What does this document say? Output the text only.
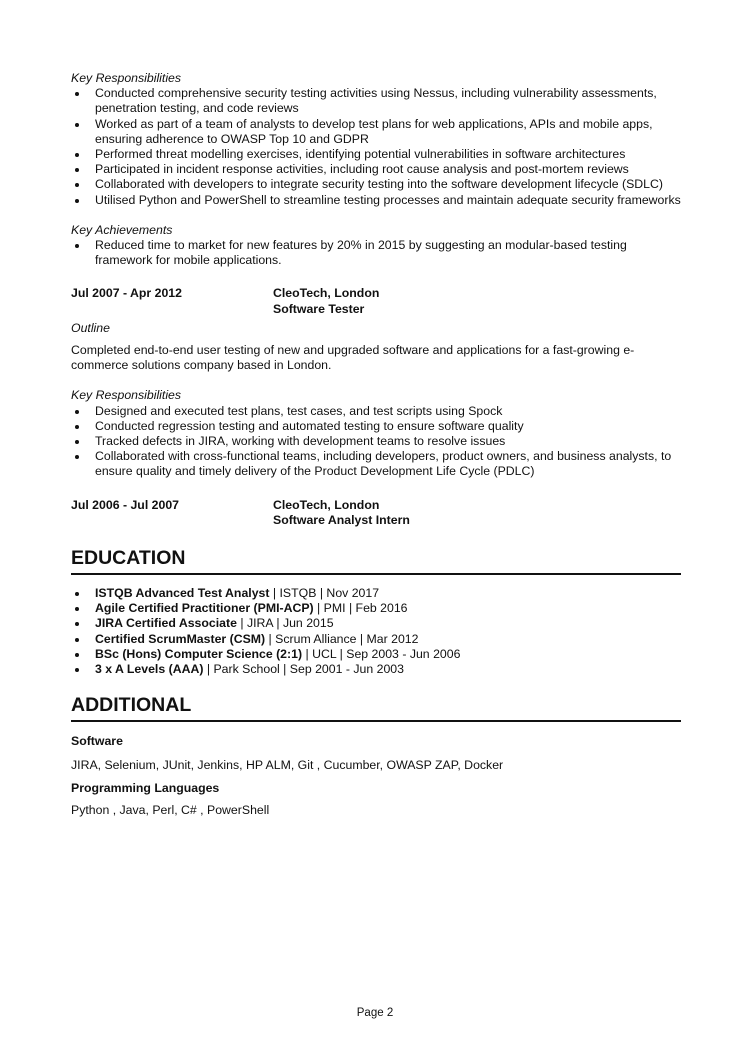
Key Responsibilities

Conducted comprehensive security testing activities using Nessus, including vulnerability assessments, penetration testing, and code reviews
Worked as part of a team of analysts to develop test plans for web applications, APIs and mobile apps, ensuring adherence to OWASP Top 10 and GDPR
Performed threat modelling exercises, identifying potential vulnerabilities in software architectures
Participated in incident response activities, including root cause analysis and post-mortem reviews
Collaborated with developers to integrate security testing into the software development lifecycle (SDLC)
Utilised Python and PowerShell to streamline testing processes and maintain adequate security frameworks

Key Achievements

Reduced time to market for new features by 20% in 2015 by suggesting an modular-based testing framework for mobile applications.
Jul 2007 - Apr 2012	CleoTech, London
Software Tester

Outline

Completed end-to-end user testing of new and upgraded software and applications for a fast-growing e-commerce solutions company based in London.

Key Responsibilities

Designed and executed test plans, test cases, and test scripts using Spock
Conducted regression testing and automated testing to ensure software quality
Tracked defects in JIRA, working with development teams to resolve issues
Collaborated with cross-functional teams, including developers, product owners, and business analysts, to ensure quality and timely delivery of the Product Development Life Cycle (PDLC)
Jul 2006 - Jul 2007	CleoTech, London
Software Analyst Intern
EDUCATION
ISTQB Advanced Test Analyst | ISTQB | Nov 2017
Agile Certified Practitioner (PMI-ACP) | PMI | Feb 2016
JIRA Certified Associate | JIRA | Jun 2015
Certified ScrumMaster (CSM) | Scrum Alliance | Mar 2012
BSc (Hons) Computer Science (2:1) | UCL | Sep 2003 - Jun 2006
3 x A Levels (AAA) | Park School | Sep 2001 - Jun 2003
ADDITIONAL

Software

JIRA, Selenium, JUnit, Jenkins, HP ALM, Git , Cucumber, OWASP ZAP, Docker

Programming Languages

Python , Java, Perl, C# , PowerShell

Page 2
